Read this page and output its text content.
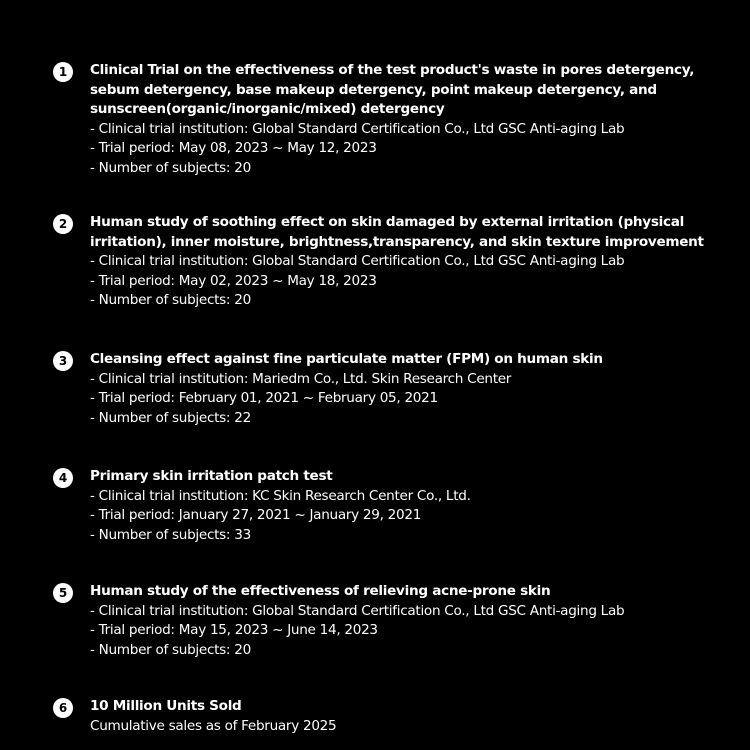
1	Clinical Trial on the effectiveness of the test product's waste in pores detergency,

sebum detergency, base makeup detergency, point makeup detergency, and

sunscreen(organic/inorganic/mixed) detergency

- Clinical trial institution: Global Standard Certification Co., Ltd GSC Anti-aging Lab

- Trial period: May 08, 2023 ~ May 12, 2023

- Number of subjects: 20

2	Human study of soothing effect on skin damaged by external irritation (physical

irritation), inner moisture, brightness,transparency, and skin texture improvement

- Clinical trial institution: Global Standard Certification Co., Ltd GSC Anti-aging Lab

- Trial period: May 02, 2023 ~ May 18, 2023

- Number of subjects: 20

3	Cleansing effect against fine particulate matter (FPM) on human skin

- Clinical trial institution: Mariedm Co., Ltd. Skin Research Center

- Trial period: February 01, 2021 ~ February 05, 2021

- Number of subjects: 22

4	Primary skin irritation patch test

- Clinical trial institution: KC Skin Research Center Co., Ltd.

- Trial period: January 27, 2021 ~ January 29, 2021

- Number of subjects: 33

5	Human study of the effectiveness of relieving acne-prone skin

- Clinical trial institution: Global Standard Certification Co., Ltd GSC Anti-aging Lab

- Trial period: May 15, 2023 ~ June 14, 2023

- Number of subjects: 20

6	10 Million Units Sold

Cumulative sales as of February 2025
